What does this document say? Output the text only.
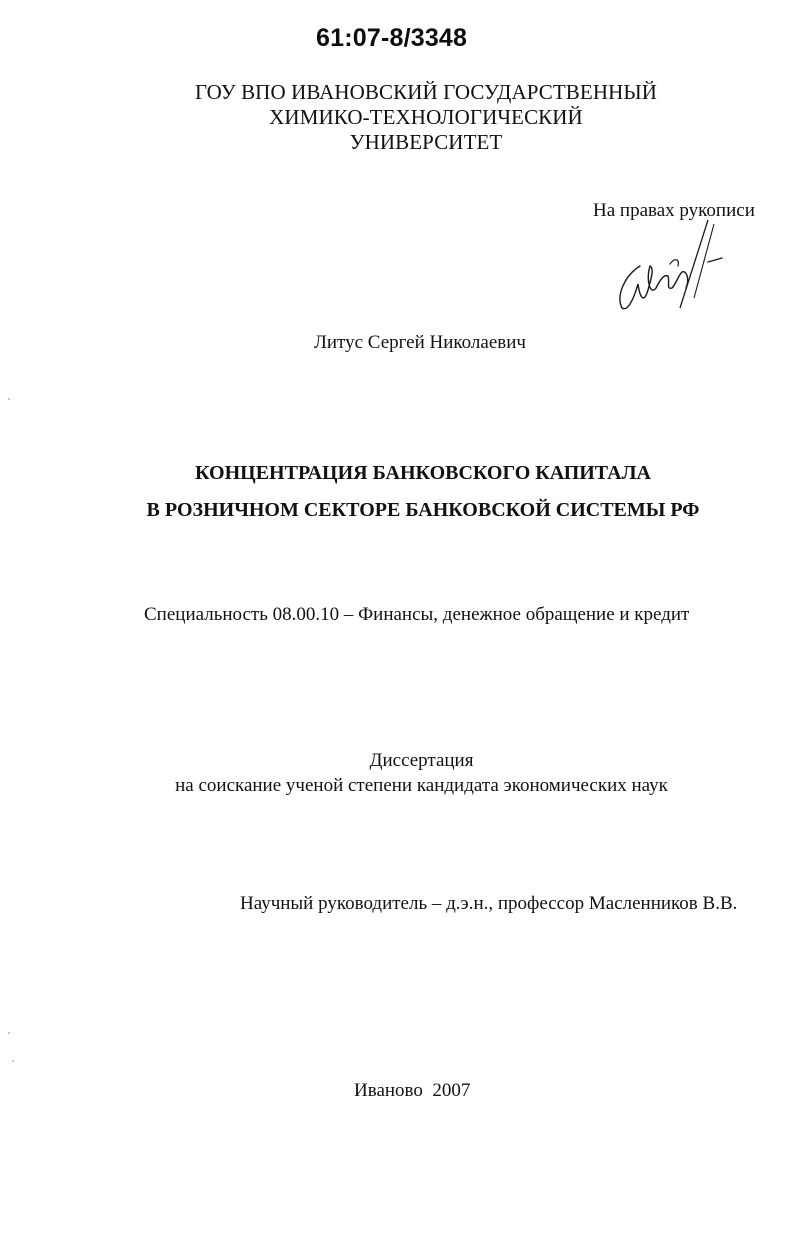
61:07-8/3348
ГОУ ВПО ИВАНОВСКИЙ ГОСУДАРСТВЕННЫЙ
ХИМИКО-ТЕХНОЛОГИЧЕСКИЙ
УНИВЕРСИТЕТ
На правах рукописи
Литус Сергей Николаевич
КОНЦЕНТРАЦИЯ БАНКОВСКОГО КАПИТАЛА
В РОЗНИЧНОМ СЕКТОРЕ БАНКОВСКОЙ СИСТЕМЫ РФ
Специальность 08.00.10 – Финансы, денежное обращение и кредит
Диссертация
на соискание ученой степени кандидата экономических наук
Научный руководитель – д.э.н., профессор Масленников В.В.
Иваново  2007
